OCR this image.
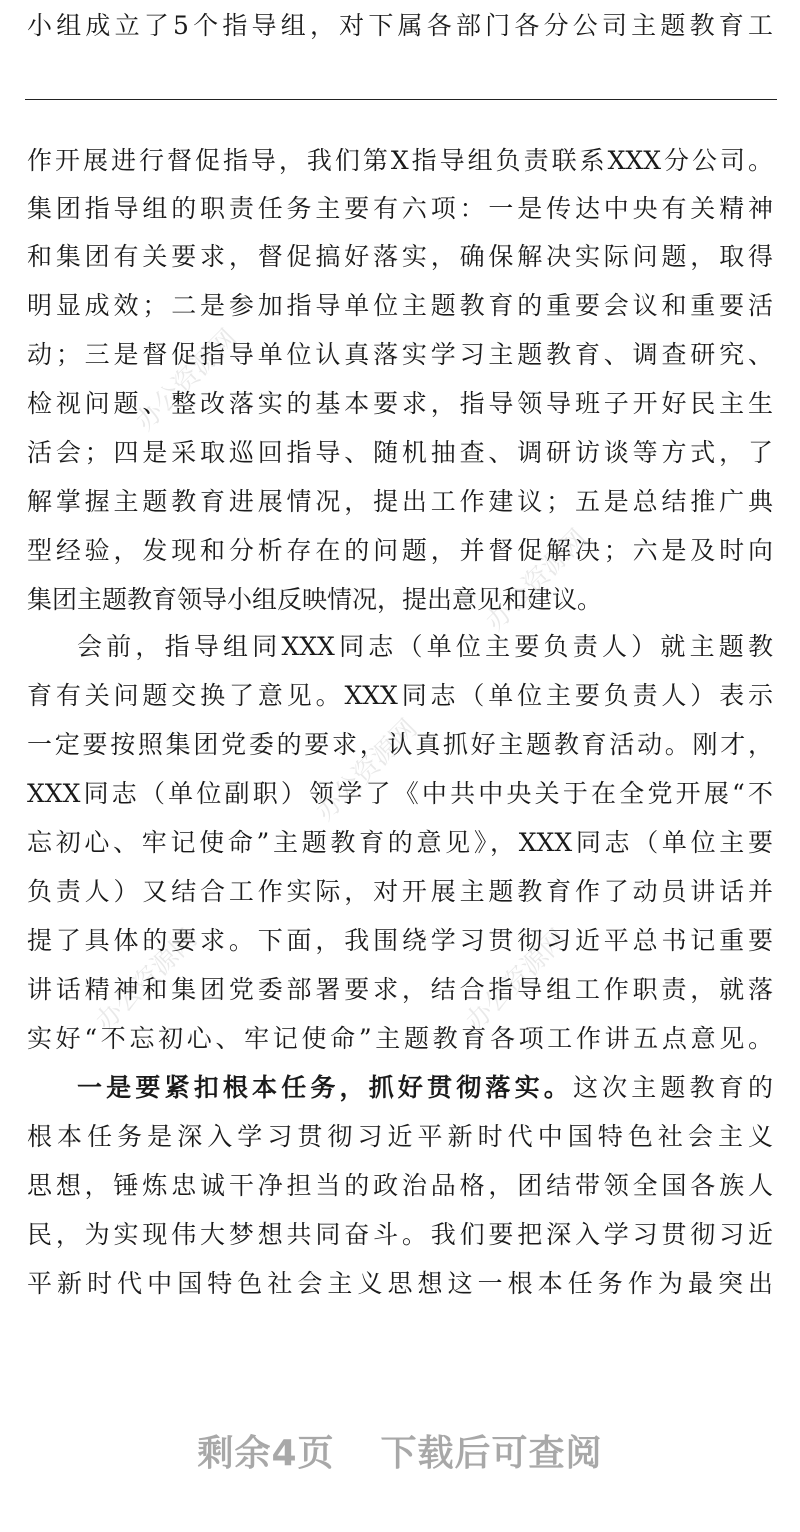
办公资源网
办公资源网
办公资源网
办公资源网	办公资源网
小组成立了5个指导组，对下属各部门各分公司主题教育工
作开展进行督促指导，我们第X指导组负责联系XXX分公司。
集团指导组的职责任务主要有六项：一是传达中央有关精神
和集团有关要求，督促搞好落实，确保解决实际问题，取得
明显成效；二是参加指导单位主题教育的重要会议和重要活
动；三是督促指导单位认真落实学习主题教育、调查研究、
检视问题、整改落实的基本要求，指导领导班子开好民主生
活会；四是采取巡回指导、随机抽查、调研访谈等方式，了
解掌握主题教育进展情况，提出工作建议；五是总结推广典
型经验，发现和分析存在的问题，并督促解决；六是及时向
集团主题教育领导小组反映情况，提出意见和建议。
会前，指导组同XXX同志（单位主要负责人）就主题教
育有关问题交换了意见。XXX同志（单位主要负责人）表示
一定要按照集团党委的要求，认真抓好主题教育活动。刚才，
XXX同志（单位副职）领学了《中共中央关于在全党开展“不
忘初心、牢记使命”主题教育的意见》，XXX同志（单位主要
负责人）又结合工作实际，对开展主题教育作了动员讲话并
提了具体的要求。下面，我围绕学习贯彻习近平总书记重要
讲话精神和集团党委部署要求，结合指导组工作职责，就落
实好“不忘初心、牢记使命”主题教育各项工作讲五点意见。
一是要紧扣根本任务，抓好贯彻落实。这次主题教育的
根本任务是深入学习贯彻习近平新时代中国特色社会主义
思想，锤炼忠诚干净担当的政治品格，团结带领全国各族人
民，为实现伟大梦想共同奋斗。我们要把深入学习贯彻习近
平新时代中国特色社会主义思想这一根本任务作为最突出
剩余4页 下载后可查阅
